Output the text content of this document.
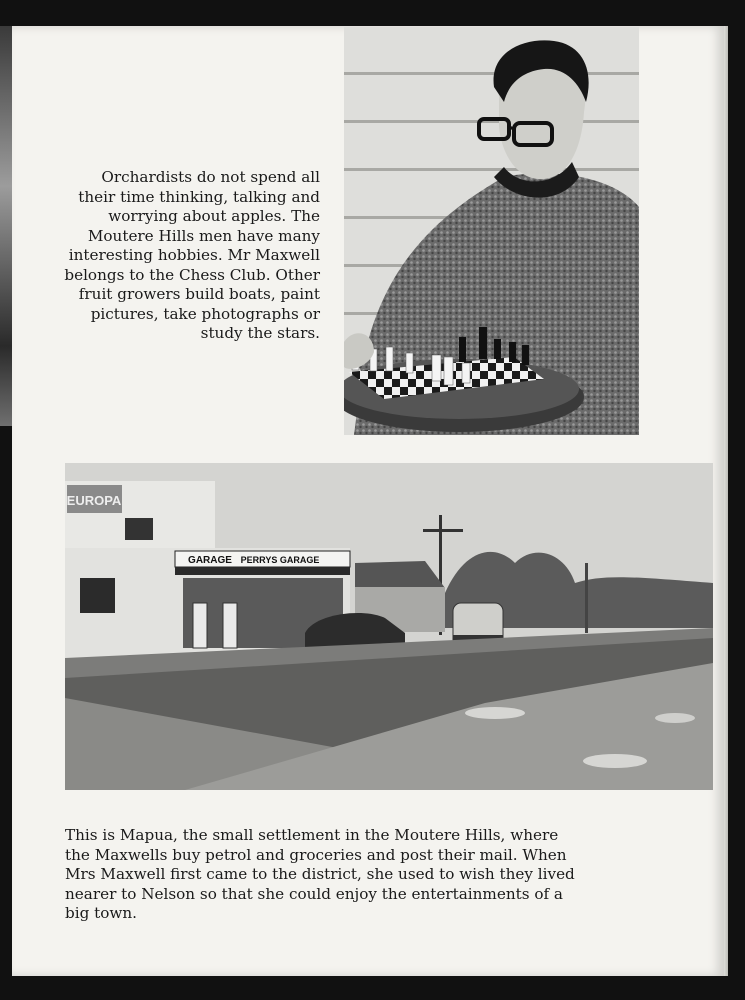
Orchardists do not spend all their time thinking, talking and worrying about apples. The Moutere Hills men have many interesting hobbies. Mr Maxwell belongs to the Chess Club. Other fruit growers build boats, paint pictures, take photographs or study the stars.

EUROPA
GARAGE PERRYS GARAGE

This is Mapua, the small settlement in the Moutere Hills, where the Maxwells buy petrol and groceries and post their mail. When Mrs Maxwell first came to the district, she used to wish they lived nearer to Nelson so that she could enjoy the entertainments of a big town.
